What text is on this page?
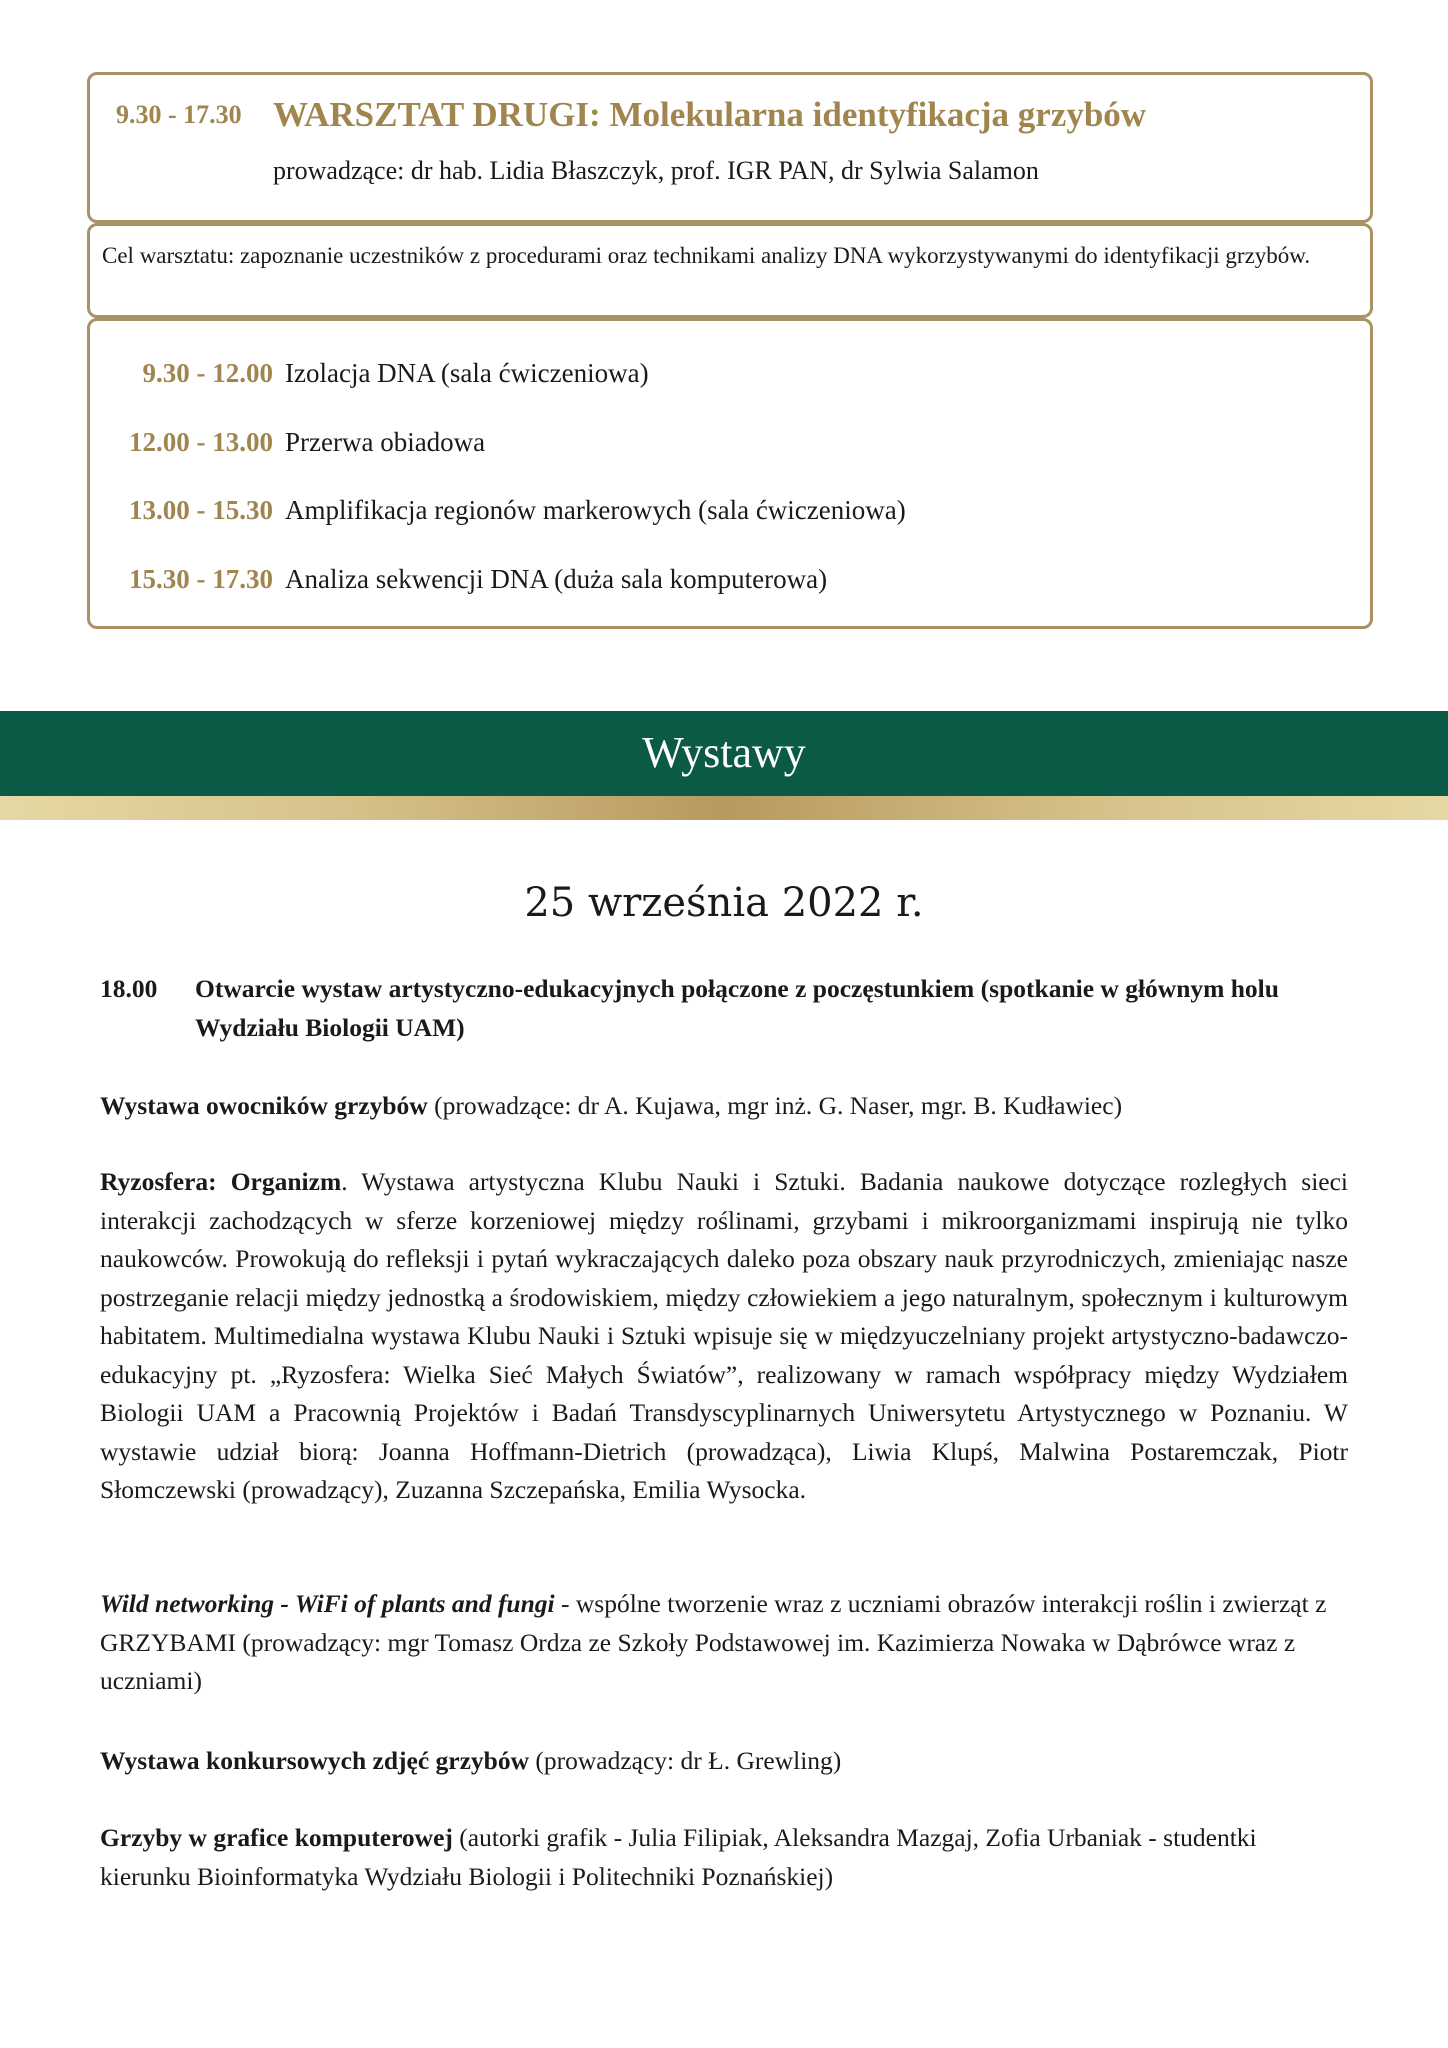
9.30 - 17.30 WARSZTAT DRUGI: Molekularna identyfikacja grzybów
prowadzące: dr hab. Lidia Błaszczyk, prof. IGR PAN, dr Sylwia Salamon
Cel warsztatu: zapoznanie uczestników z procedurami oraz technikami analizy DNA wykorzystywanymi do identyfikacji grzybów.
9.30 - 12.00 Izolacja DNA (sala ćwiczeniowa)
12.00 - 13.00 Przerwa obiadowa
13.00 - 15.30 Amplifikacja regionów markerowych (sala ćwiczeniowa)
15.30 - 17.30 Analiza sekwencji DNA (duża sala komputerowa)
Wystawy
25 września 2022 r.
18.00 Otwarcie wystaw artystyczno-edukacyjnych połączone z poczęstunkiem (spotkanie w głównym holu Wydziału Biologii UAM)
Wystawa owocników grzybów (prowadzące: dr A. Kujawa, mgr inż. G. Naser, mgr. B. Kudławiec)
Ryzosfera: Organizm. Wystawa artystyczna Klubu Nauki i Sztuki. Badania naukowe dotyczące rozległych sieci interakcji zachodzących w sferze korzeniowej między roślinami, grzybami i mikroorganizmami inspirują nie tylko naukowców. Prowokują do refleksji i pytań wykraczających daleko poza obszary nauk przyrodniczych, zmieniając nasze postrzeganie relacji między jednostką a środowiskiem, między człowiekiem a jego naturalnym, społecznym i kulturowym habitatem. Multimedialna wystawa Klubu Nauki i Sztuki wpisuje się w międzyuczelniany projekt artystyczno-badawczo-edukacyjny pt. „Ryzosfera: Wielka Sieć Małych Światów”, realizowany w ramach współpracy między Wydziałem Biologii UAM a Pracownią Projektów i Badań Transdyscyplinarnych Uniwersytetu Artystycznego w Poznaniu. W wystawie udział biorą: Joanna Hoffmann-Dietrich (prowadząca), Liwia Klupś, Malwina Postaremczak, Piotr Słomczewski (prowadzący), Zuzanna Szczepańska, Emilia Wysocka.
Wild networking - WiFi of plants and fungi - wspólne tworzenie wraz z uczniami obrazów interakcji roślin i zwierząt z GRZYBAMI (prowadzący: mgr Tomasz Ordza ze Szkoły Podstawowej im. Kazimierza Nowaka w Dąbrówce wraz z uczniami)
Wystawa konkursowych zdjęć grzybów (prowadzący: dr Ł. Grewling)
Grzyby w grafice komputerowej (autorki grafik - Julia Filipiak, Aleksandra Mazgaj, Zofia Urbaniak - studentki kierunku Bioinformatyka Wydziału Biologii i Politechniki Poznańskiej)
